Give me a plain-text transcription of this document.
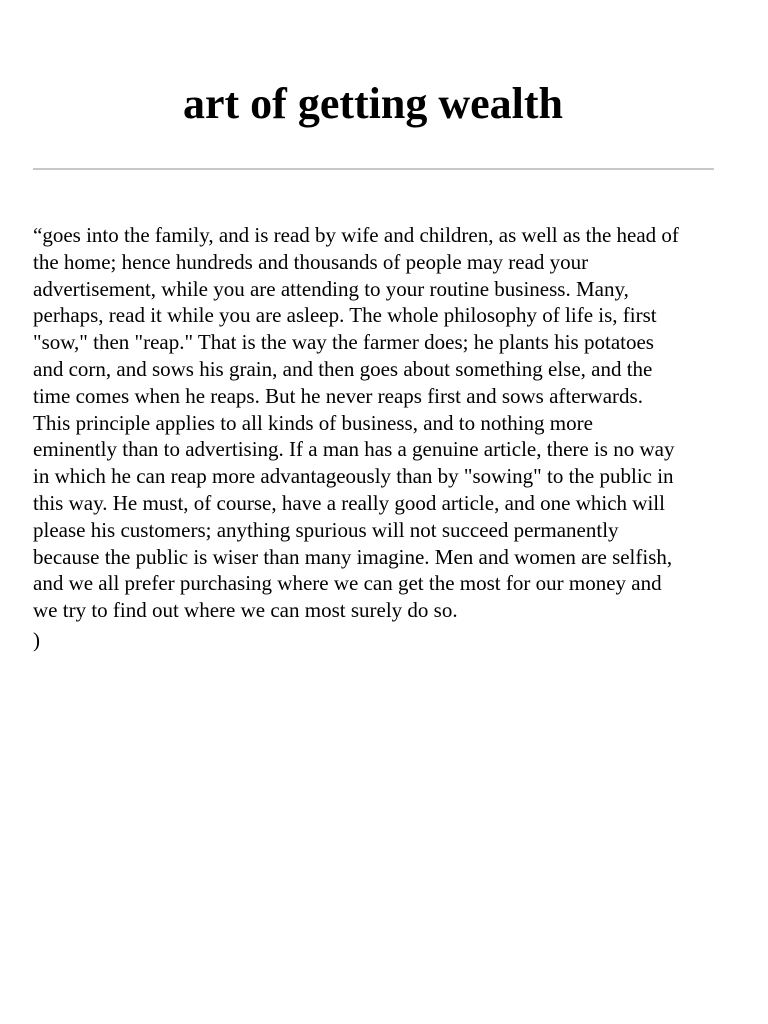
art of getting wealth

“goes into the family, and is read by wife and children, as well as the head of
the home; hence hundreds and thousands of people may read your
advertisement, while you are attending to your routine business. Many,
perhaps, read it while you are asleep. The whole philosophy of life is, first
"sow," then "reap." That is the way the farmer does; he plants his potatoes
and corn, and sows his grain, and then goes about something else, and the
time comes when he reaps. But he never reaps first and sows afterwards.
This principle applies to all kinds of business, and to nothing more
eminently than to advertising. If a man has a genuine article, there is no way
in which he can reap more advantageously than by "sowing" to the public in
this way. He must, of course, have a really good article, and one which will
please his customers; anything spurious will not succeed permanently
because the public is wiser than many imagine. Men and women are selfish,
and we all prefer purchasing where we can get the most for our money and
we try to find out where we can most surely do so.

)
